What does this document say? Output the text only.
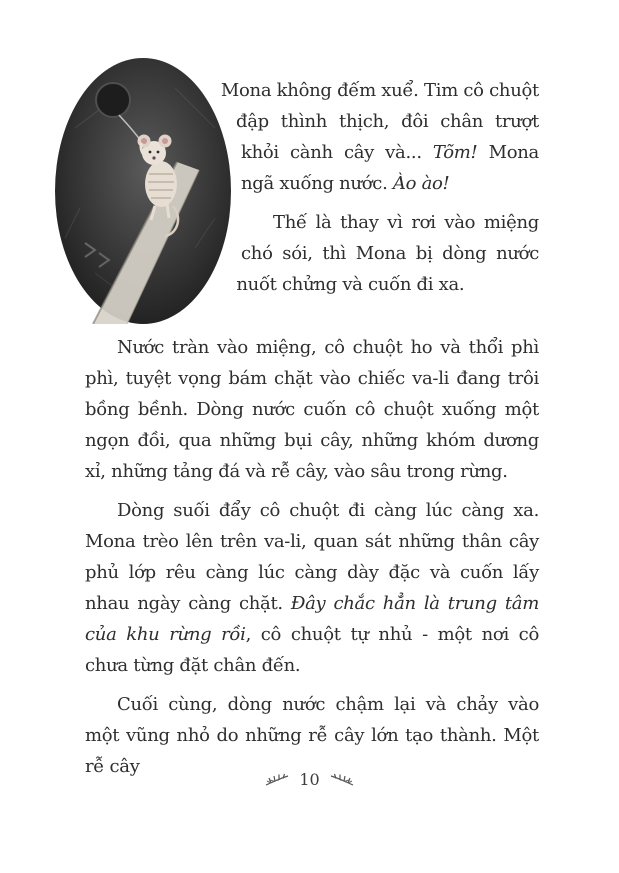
Mona không đếm xuể. Tim cô chuột đập thình thịch, đôi chân trượt khỏi cành cây và... Tõm! Mona ngã xuống nước. Ào ào!

Thế là thay vì rơi vào miệng chó sói, thì Mona bị dòng nước nuốt chửng và cuốn đi xa.

Nước tràn vào miệng, cô chuột ho và thổi phì phì, tuyệt vọng bám chặt vào chiếc va-li đang trôi bồng bềnh. Dòng nước cuốn cô chuột xuống một ngọn đồi, qua những bụi cây, những khóm dương xỉ, những tảng đá và rễ cây, vào sâu trong rừng.

Dòng suối đẩy cô chuột đi càng lúc càng xa. Mona trèo lên trên va-li, quan sát những thân cây phủ lớp rêu càng lúc càng dày đặc và cuốn lấy nhau ngày càng chặt. Đây chắc hẳn là trung tâm của khu rừng rồi, cô chuột tự nhủ - một nơi cô chưa từng đặt chân đến.

Cuối cùng, dòng nước chậm lại và chảy vào một vũng nhỏ do những rễ cây lớn tạo thành. Một rễ cây

10
